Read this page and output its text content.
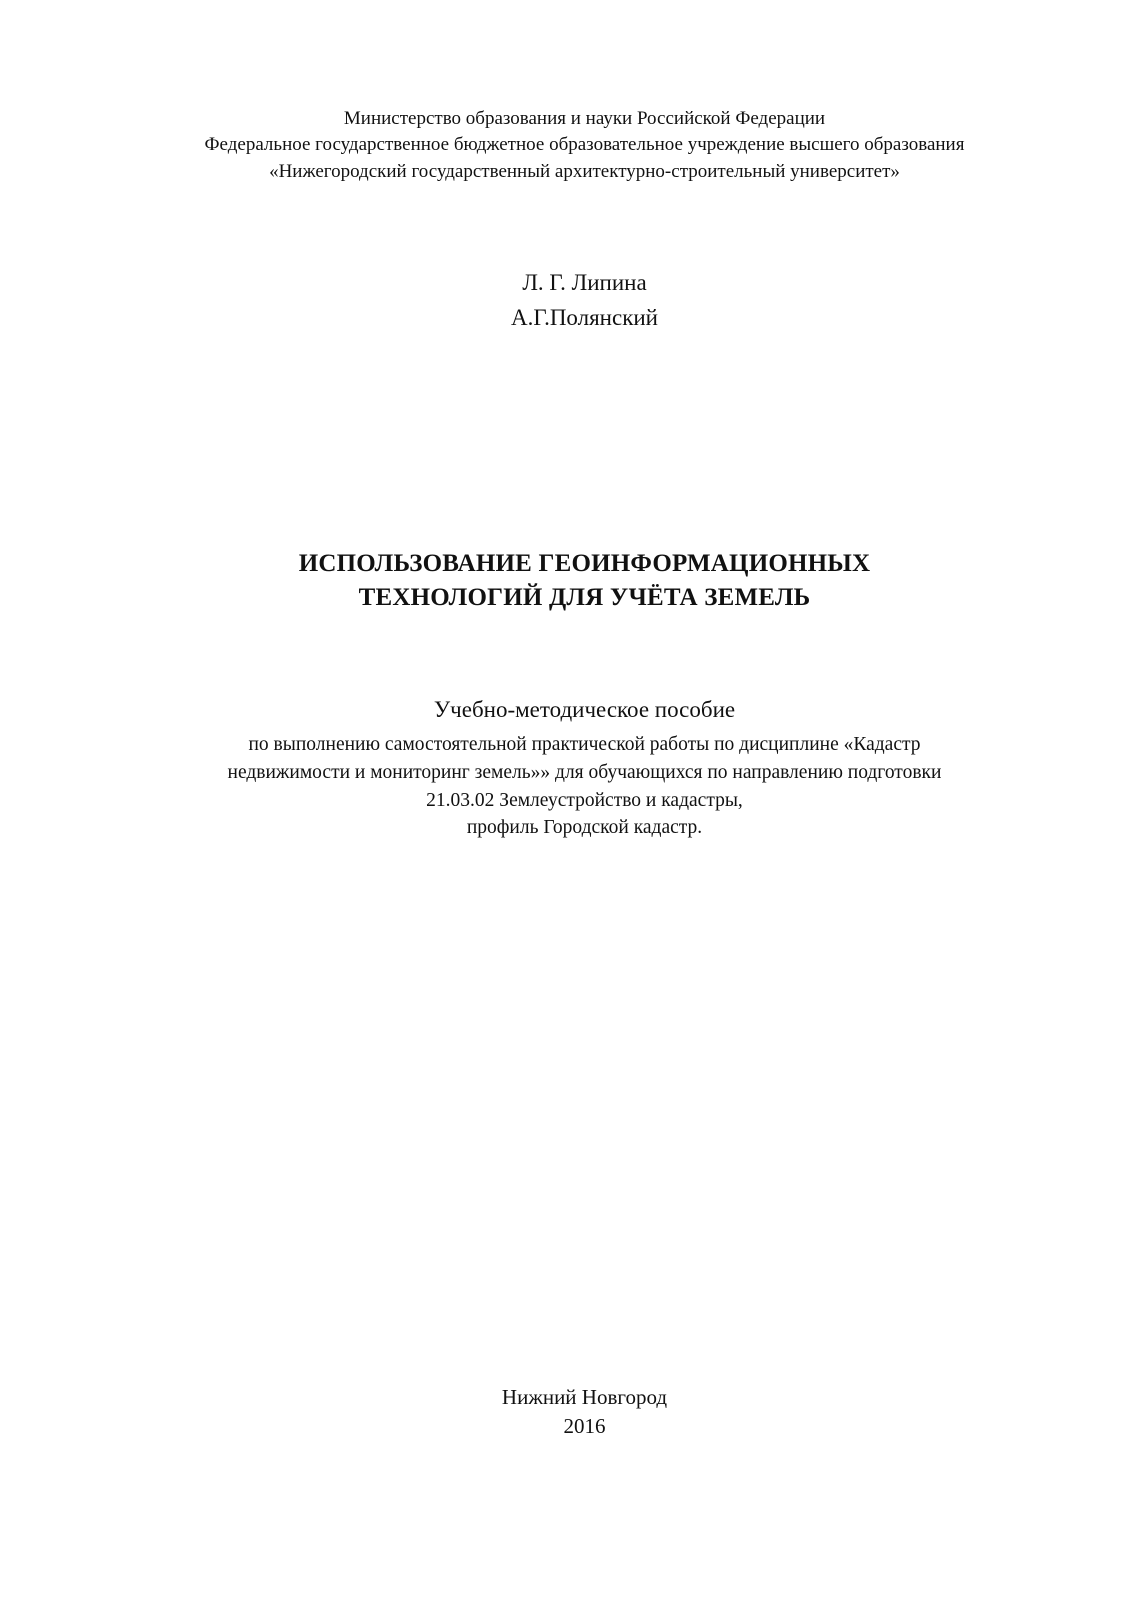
Министерство образования и науки Российской Федерации
Федеральное государственное бюджетное образовательное учреждение высшего образования
«Нижегородский государственный архитектурно-строительный университет»
Л. Г. Липина
А.Г.Полянский
ИСПОЛЬЗОВАНИЕ ГЕОИНФОРМАЦИОННЫХ
ТЕХНОЛОГИЙ ДЛЯ УЧЁТА ЗЕМЕЛЬ
Учебно-методическое пособие
по выполнению самостоятельной практической работы по дисциплине «Кадастр
недвижимости и мониторинг земель»» для обучающихся по направлению подготовки
21.03.02 Землеустройство и кадастры,
профиль Городской кадастр.
Нижний Новгород
2016
